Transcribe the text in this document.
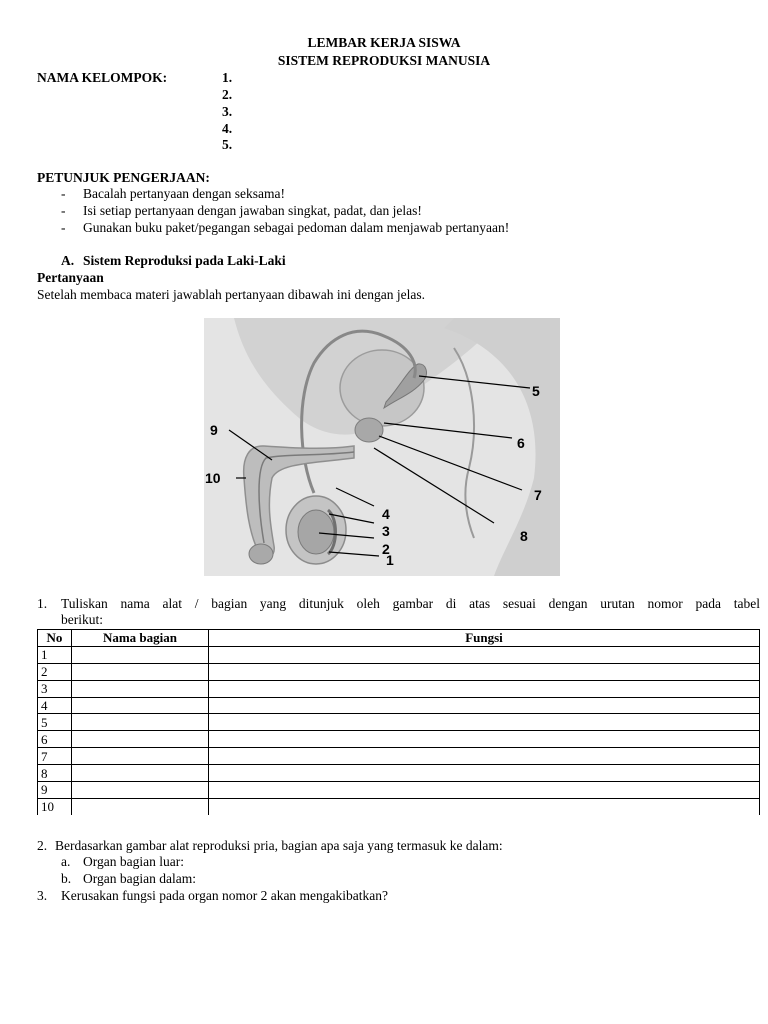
LEMBAR KERJA SISWA
SISTEM REPRODUKSI MANUSIA
NAMA KELOMPOK:	1.
2.
3.
4.
5.
PETUNJUK PENGERJAAN:
- Bacalah pertanyaan dengan seksama!
- Isi setiap pertanyaan dengan jawaban singkat, padat, dan jelas!
- Gunakan buku paket/pegangan sebagai pedoman dalam menjawab pertanyaan!
A. Sistem Reproduksi pada Laki-Laki
Pertanyaan
Setelah membaca materi jawablah pertanyaan dibawah ini dengan jelas.
1
2
3
4
5
6
7
8
9
10
1. Tuliskan nama alat / bagian yang ditunjuk oleh gambar di atas sesuai dengan urutan nomor pada tabel
berikut:
No	Nama bagian	Fungsi
1		
2		
3		
4		
5		
6		
7		
8		
9		
10		
2. Berdasarkan gambar alat reproduksi pria, bagian apa saja yang termasuk ke dalam:
a. Organ bagian luar:
b. Organ bagian dalam:
3. Kerusakan fungsi pada organ nomor 2 akan mengakibatkan?
